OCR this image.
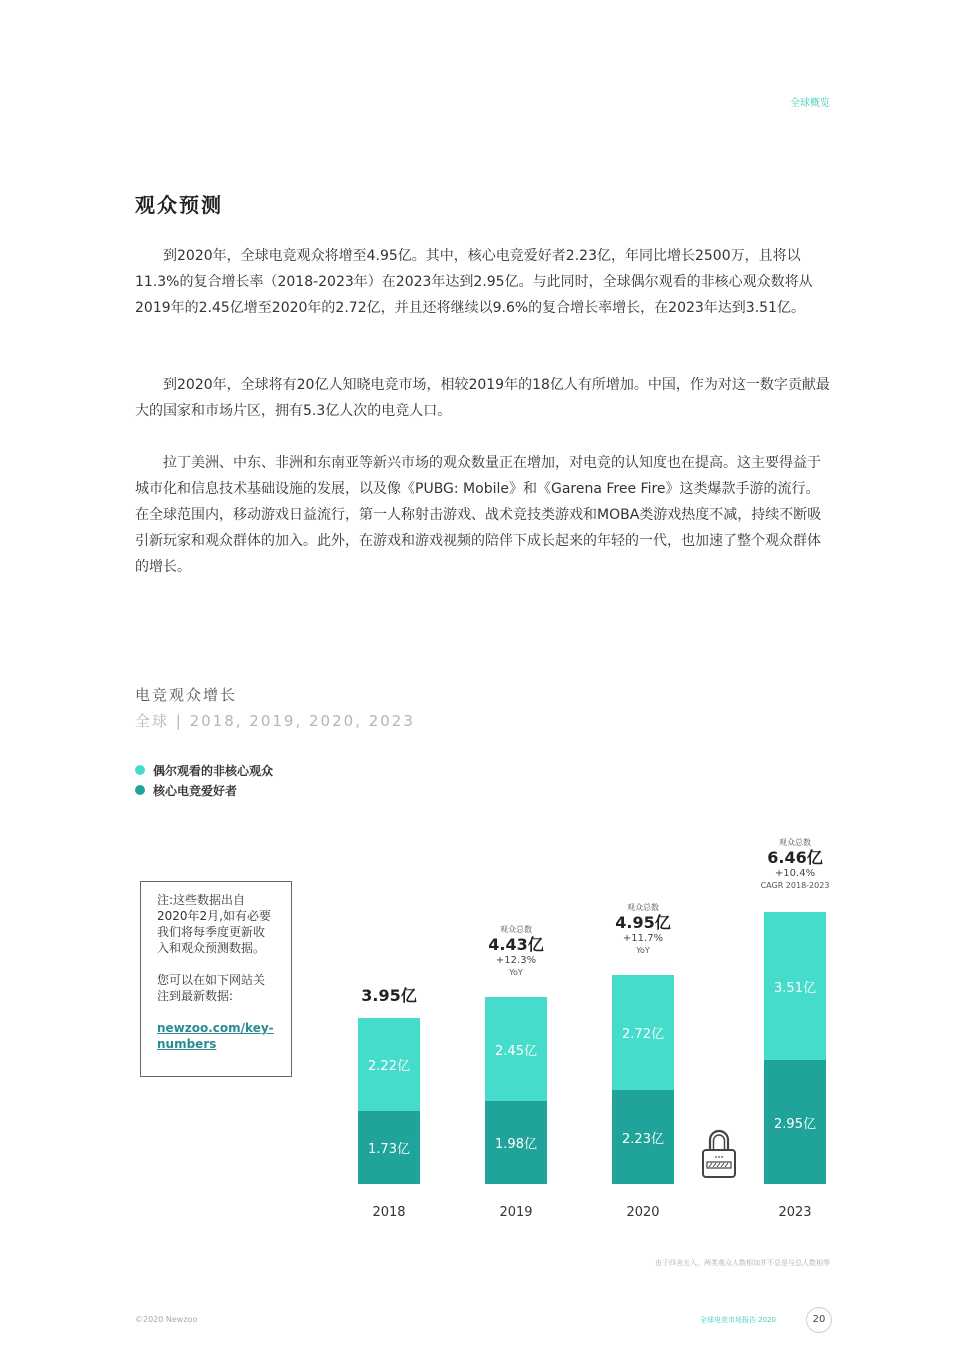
全球概览
观众预测

到2020年，全球电竞观众将增至4.95亿。其中，核心电竞爱好者2.23亿，年同比增长2500万，且将以11.3%的复合增长率（2018-2023年）在2023年达到2.95亿。与此同时，全球偶尔观看的非核心观众数将从2019年的2.45亿增至2020年的2.72亿，并且还将继续以9.6%的复合增长率增长，在2023年达到3.51亿。

到2020年，全球将有20亿人知晓电竞市场，相较2019年的18亿人有所增加。中国，作为对这一数字贡献最大的国家和市场片区，拥有5.3亿人次的电竞人口。

拉丁美洲、中东、非洲和东南亚等新兴市场的观众数量正在增加，对电竞的认知度也在提高。这主要得益于城市化和信息技术基础设施的发展，以及像《PUBG: Mobile》和《Garena Free Fire》这类爆款手游的流行。在全球范围内，移动游戏日益流行，第一人称射击游戏、战术竞技类游戏和MOBA类游戏热度不减，持续不断吸引新玩家和观众群体的加入。此外，在游戏和游戏视频的陪伴下成长起来的年轻的一代，也加速了整个观众群体的增长。

电竞观众增长
全球 | 2018, 2019, 2020, 2023
偶尔观看的非核心观众
核心电竞爱好者

注:这些数据出自2020年2月,如有必要我们将每季度更新收入和观众预测数据。

您可以在如下网站关注到最新数据:

newzoo.com/key-numbers
3.95亿
2.22亿
1.73亿
2018
观众总数
4.43亿
+12.3%
YoY
2.45亿
1.98亿
2019
观众总数
4.95亿
+11.7%
YoY
2.72亿
2.23亿
2020
观众总数
6.46亿
+10.4%
CAGR 2018-2023
3.51亿
2.95亿
2023
由于四舍五入，两类观众人数相加并不总是与总人数相等
©2020 Newzoo	全球电竞市场报告 2020	20
